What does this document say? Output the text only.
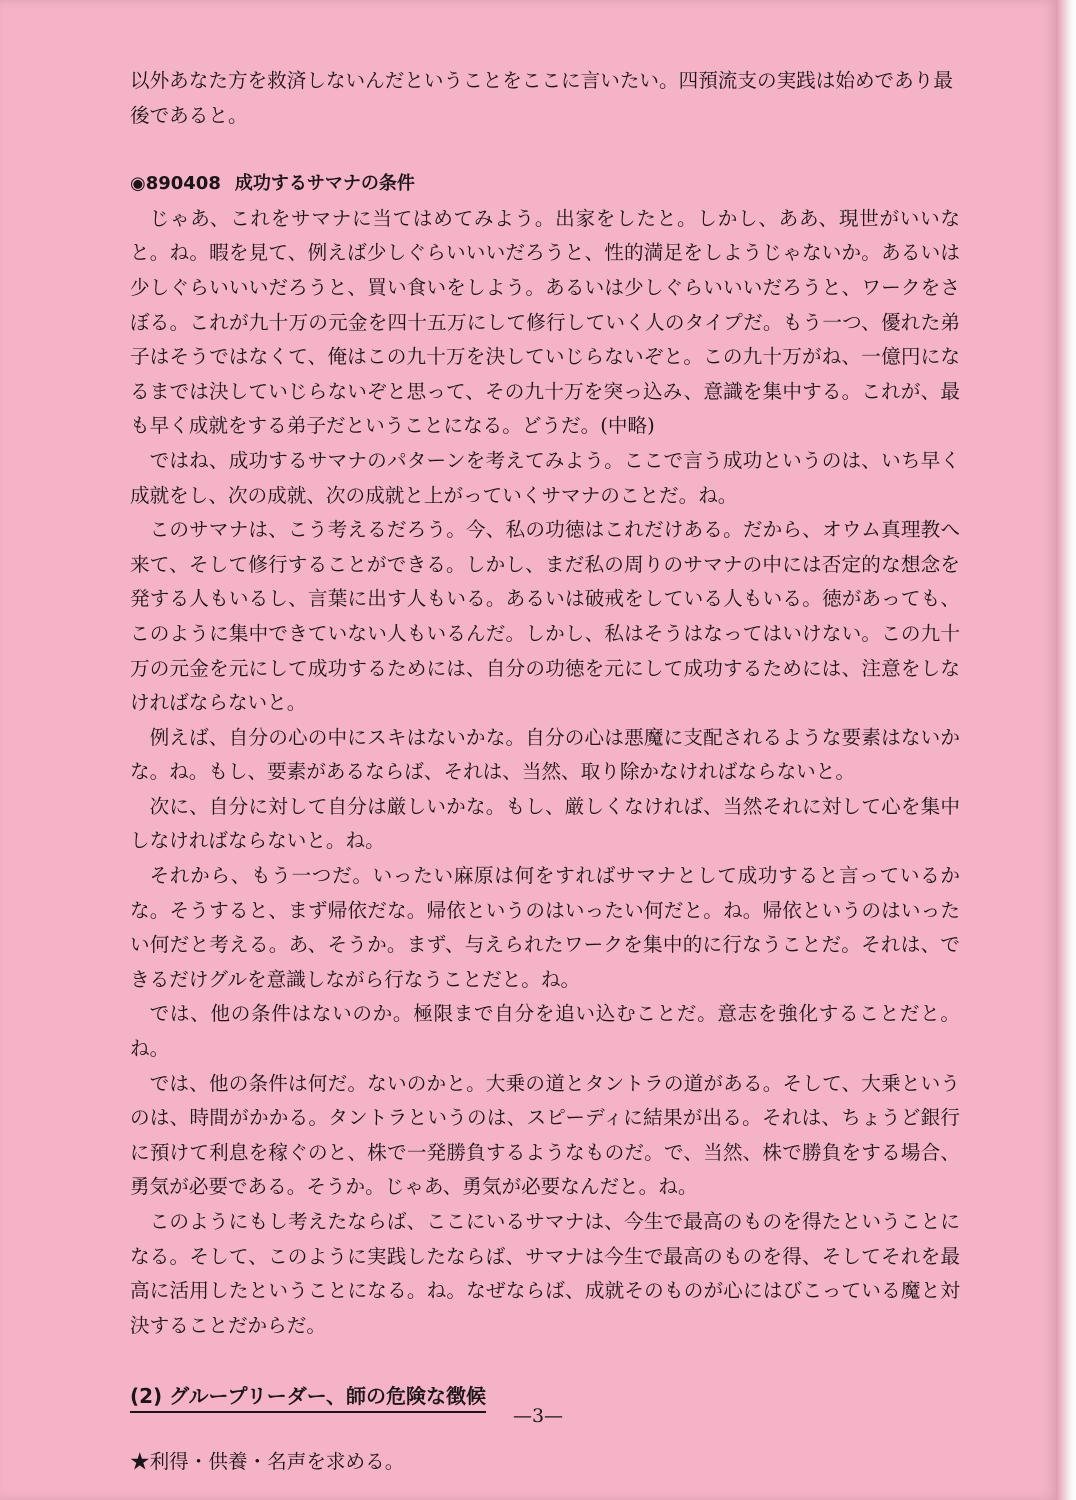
以外あなた方を救済しないんだということをここに言いたい。四預流支の実践は始めであり最

後であると。

◉890408 成功するサマナの条件

じゃあ、これをサマナに当てはめてみよう。出家をしたと。しかし、ああ、現世がいいなと。ね。暇を見て、例えば少しぐらいいいだろうと、性的満足をしようじゃないか。あるいは少しぐらいいいだろうと、買い食いをしよう。あるいは少しぐらいいいだろうと、ワークをさぼる。これが九十万の元金を四十五万にして修行していく人のタイプだ。もう一つ、優れた弟子はそうではなくて、俺はこの九十万を決していじらないぞと。この九十万がね、一億円になるまでは決していじらないぞと思って、その九十万を突っ込み、意識を集中する。これが、最も早く成就をする弟子だということになる。どうだ。(中略)

ではね、成功するサマナのパターンを考えてみよう。ここで言う成功というのは、いち早く成就をし、次の成就、次の成就と上がっていくサマナのことだ。ね。

このサマナは、こう考えるだろう。今、私の功徳はこれだけある。だから、オウム真理教へ来て、そして修行することができる。しかし、まだ私の周りのサマナの中には否定的な想念を発する人もいるし、言葉に出す人もいる。あるいは破戒をしている人もいる。徳があっても、このように集中できていない人もいるんだ。しかし、私はそうはなってはいけない。この九十万の元金を元にして成功するためには、自分の功徳を元にして成功するためには、注意をしなければならないと。

例えば、自分の心の中にスキはないかな。自分の心は悪魔に支配されるような要素はないかな。ね。もし、要素があるならば、それは、当然、取り除かなければならないと。

次に、自分に対して自分は厳しいかな。もし、厳しくなければ、当然それに対して心を集中しなければならないと。ね。

それから、もう一つだ。いったい麻原は何をすればサマナとして成功すると言っているかな。そうすると、まず帰依だな。帰依というのはいったい何だと。ね。帰依というのはいったい何だと考える。あ、そうか。まず、与えられたワークを集中的に行なうことだ。それは、できるだけグルを意識しながら行なうことだと。ね。

では、他の条件はないのか。極限まで自分を追い込むことだ。意志を強化することだと。ね。

では、他の条件は何だ。ないのかと。大乗の道とタントラの道がある。そして、大乗というのは、時間がかかる。タントラというのは、スピーディに結果が出る。それは、ちょうど銀行に預けて利息を稼ぐのと、株で一発勝負するようなものだ。で、当然、株で勝負をする場合、勇気が必要である。そうか。じゃあ、勇気が必要なんだと。ね。

このようにもし考えたならば、ここにいるサマナは、今生で最高のものを得たということになる。そして、このように実践したならば、サマナは今生で最高のものを得、そしてそれを最高に活用したということになる。ね。なぜならば、成就そのものが心にはびこっている魔と対決することだからだ。

(2) グループリーダー、師の危険な徴候

★利得・供養・名声を求める。

—3—
